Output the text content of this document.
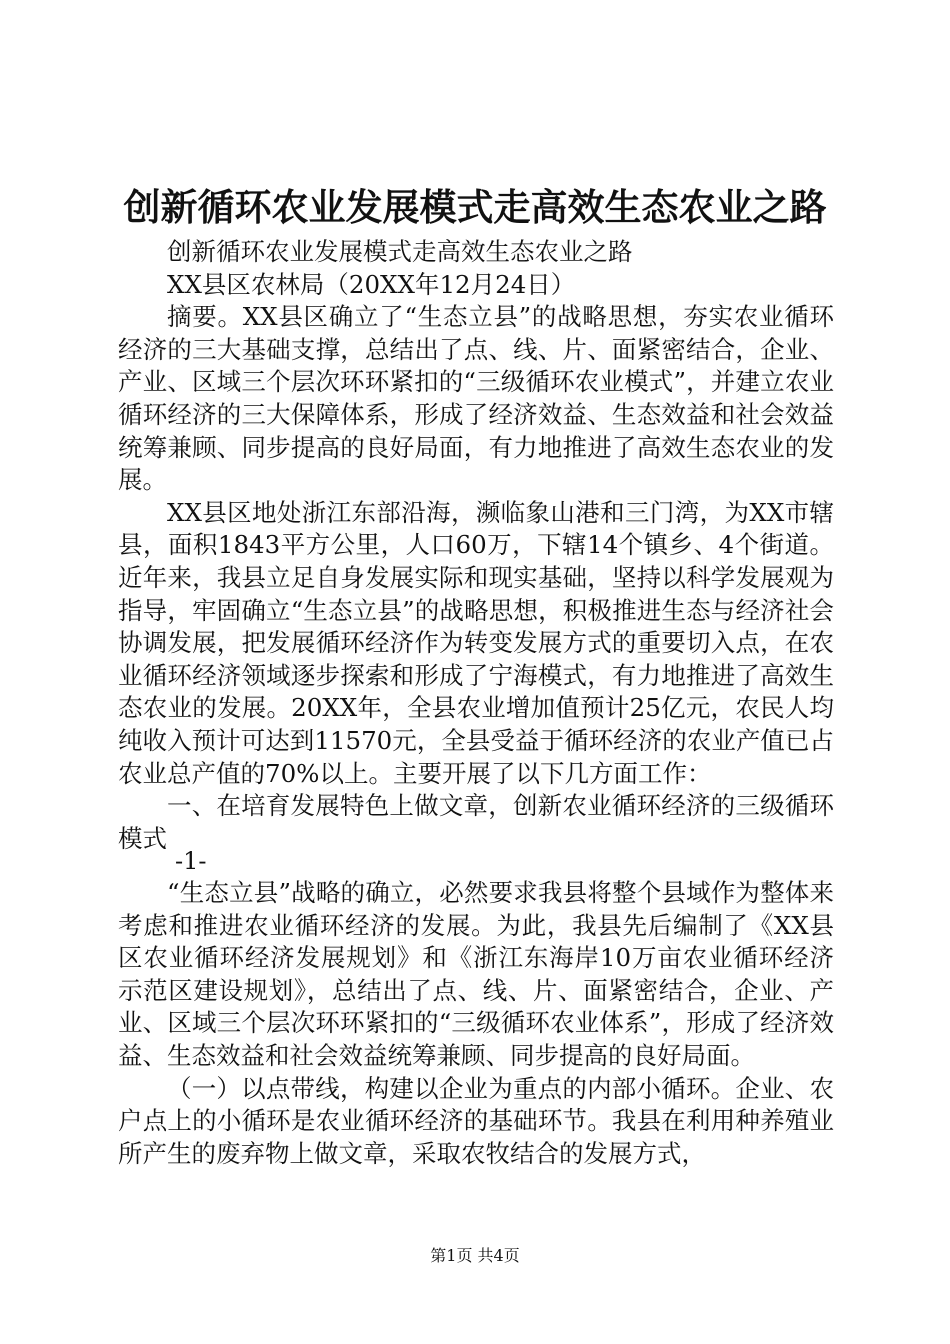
创新循环农业发展模式走高效生态农业之路

创新循环农业发展模式走高效生态农业之路

XX县区农林局（20XX年12月24日）

摘要。XX县区确立了“生态立县”的战略思想，夯实农业循环经济的三大基础支撑，总结出了点、线、片、面紧密结合，企业、产业、区域三个层次环环紧扣的“三级循环农业模式”，并建立农业循环经济的三大保障体系，形成了经济效益、生态效益和社会效益统筹兼顾、同步提高的良好局面，有力地推进了高效生态农业的发展。

XX县区地处浙江东部沿海，濒临象山港和三门湾，为XX市辖县，面积1843平方公里，人口60万，下辖14个镇乡、4个街道。近年来，我县立足自身发展实际和现实基础，坚持以科学发展观为指导，牢固确立“生态立县”的战略思想，积极推进生态与经济社会协调发展，把发展循环经济作为转变发展方式的重要切入点，在农业循环经济领域逐步探索和形成了宁海模式，有力地推进了高效生态农业的发展。20XX年，全县农业增加值预计25亿元，农民人均纯收入预计可达到11570元，全县受益于循环经济的农业产值已占农业总产值的70%以上。主要开展了以下几方面工作：

一、在培育发展特色上做文章，创新农业循环经济的三级循环模式

-1-

“生态立县”战略的确立，必然要求我县将整个县域作为整体来考虑和推进农业循环经济的发展。为此，我县先后编制了《XX县区农业循环经济发展规划》和《浙江东海岸10万亩农业循环经济示范区建设规划》，总结出了点、线、片、面紧密结合，企业、产业、区域三个层次环环紧扣的“三级循环农业体系”，形成了经济效益、生态效益和社会效益统筹兼顾、同步提高的良好局面。

（一）以点带线，构建以企业为重点的内部小循环。企业、农户点上的小循环是农业循环经济的基础环节。我县在利用种养殖业所产生的废弃物上做文章，采取农牧结合的发展方式，

第1页 共4页
